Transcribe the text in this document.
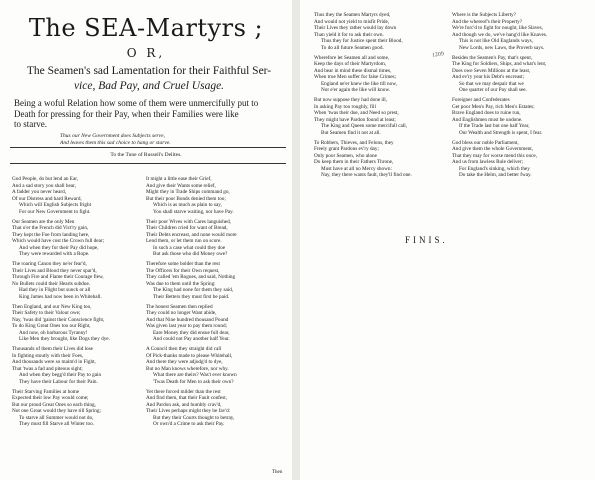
The SEA-Martyrs ;
O R,
The Seamen's sad Lamentation for their Faithful Ser-
vice, Bad Pay, and Cruel Usage.
Being a woful Relation how some of them were unmercifully put to
Death for pressing for their Pay, when their Families were like
to starve.
Thus our New Government does Subjects serve,
And leaves them this sad choice to hang or starve.
To the Tune of Russell's Delites.
God People, do but lend an Ear,
And a sad story you shall hear,
A fadder you never heard,
Of our Distress and hard Reward,
Which will English Subjects fright
For our New Government to fight.
Our Seamen are the only Men
That o'er the French did Vict'ry gain,
They kept the Foe from landing here,
Which would have cost the Crown full dear;
And when they for their Pay did hope,
They were rewarded with a Rope.
The roaring Canon they ne'er fear'd,
Their Lives and Blood they never spar'd,
Through Fire and Flame their Courage flew,
No Bullets could their Hearts subdue.
Had they in Flight but sunck or all
King James had now been in Whitehall.
Then England, and our New King too,
Their Safety to their Valour owe;
Nay, 'twas did 'gainst their Conscience fight,
To do King Great Ones too our Right,
And now, oh barbarous Tyranny!
Like Men they brought, like Dogs they dye.
Thousands of them their Lives did lose
In fighting stoutly with their Foes,
And thousands were so maim'd in Fight,
That 'twas a fad and piteous sight;
And when they begg'd their Pay to gain
They have their Labour for their Pain.
Their Starving Families at home
Expected their low Pay would come;
But our proud Great Ones so each thing,
Not one Groat would they have till Spring;
To starve all Summer would not do,
They must fill Starve all Winter too.
It might a little ease their Grief,
And give their Wants some relief,
Might they in Trade Ships command go,
But their poor Bonds denied them too;
Which is as much as plain to say,
You shall starve waiting, nor have Pay.
Their poor Wives with Cares languished,
Their Children cried for want of Bread,
Their Debts encreast, and none would more
Lend them, or let them run on score.
In such a case what could they doe
But ask those who did Money owe?
Therefore some bolder than the rest
The Officers for their Own request,
They called 'em Rogues, and said, Nothing
Was due to them until the Spring:
The King had none for them they said,
Their Betters they must first be paid.
The honest Seamen then replied
They could no longer Want abide,
And that Nine hundred thousand Pound
Was given last year to pay them round;
Eare Money they did ensue full dear,
And could not Pay another half Year.
A Council then they straight did call
Of Pick-thanks made to please Whitehall,
And there they were adjudg'd to dye,
But no Man knows wherefore, nor why.
What there are theirs? Was't ever known
'Twas Death for Men to ask their own?
Yet there forced milder than the rest
And find them, that their Fault confest,
And Pardon ask, and humbly crav'd,
Their Lives perhaps might they be fav'd:
But they their Courts thought to betray,
Or own'd a Crime to ask their Pay.
Then
Thus they the Seamen Martyrs dyed,
And would not yield to misfit Pride,
Their Lives they rather would lay down
Than yield it for to ask their own.
Thus they for Justice spent their Blood,
To do all future Seamen good.
Wherefore let Seamen all and some,
Keep the days of their Martyrdom,
And bear in mind these dismal times,
When true Men suffer for false Crimes;
England ne'er knew the like till now,
Nor e'er again the like will know.
But now suppose they had done ill,
In asking Pay too roughly, fill
When 'twas their due, and Need so prest,
They might have Pardon found at least;
The King and Queen some mercifull call,
But Seamen find it not at all.
To Robbers, Thieves, and Felons, they
Freely grant Pardons ev'ry day;
Only poor Seamen, who alone
Do keep them in their Fathers Throne,
Must have at all no Mercy shown:
Nay, they there wants fault, they'll find one.
Where is the Subjects Liberty?
And the whereof's their Property?
We're forc'd to fight for nought, like Slaves,
And though we do, we've hang'd like Knaves.
This is not like Old Englands ways,
New Lords, new Laws, the Proverb says.
Besides the Seamen's Pay, that's spent,
The King for Soldiers, Ships, and what's lent,
Does owe Seven Millions at the least,
And ev'ry year his Debt's encreast;
So that we may despair that we
One quarter of our Pay shall see.
Foreigner and Confederates
Get poor Men's Pay, rich Men's Estates;
Brave England does to ruine run,
And Englishmen must be undone.
If the Trade last but one half Year,
Our Wealth and Strength is spent, I fear.
God bless our noble Parliament,
And give them the whole Government,
That they may for worse mend this once,
And us from lawless Rule deliver;
For England's sinking, which they
Do take the Helm, and better fway.
1209
FINIS.
